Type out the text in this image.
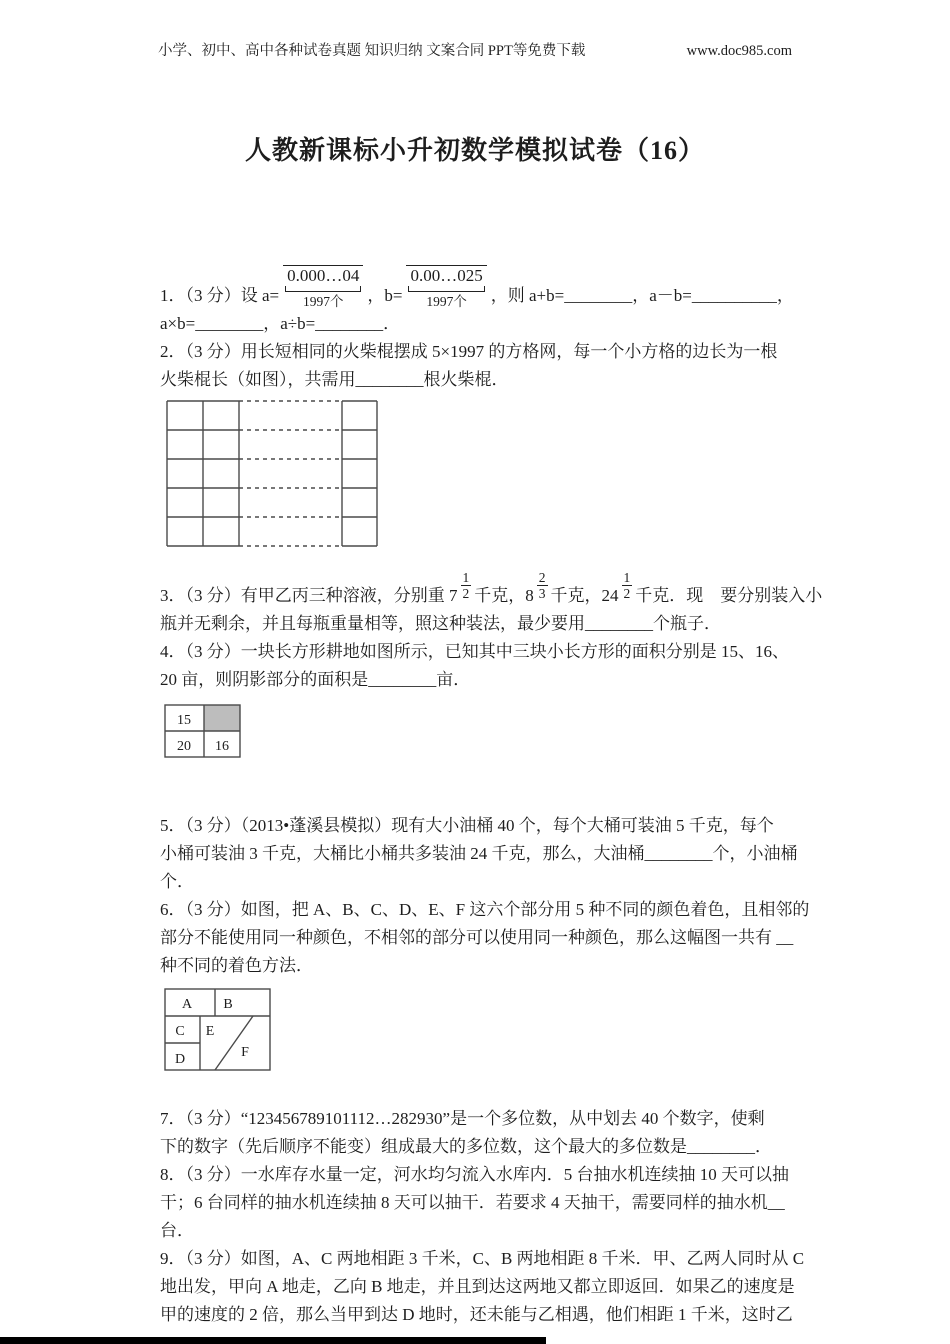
小学、初中、高中各种试卷真题 知识归纳 文案合同 PPT等免费下载	www.doc985.com
人教新课标小升初数学模拟试卷（16）
1．（3 分）设 a=
0.000…04
1997个 ，b=
0.00…025
1997个 ，则 a+b=________，a－b=__________，
a×b=________，a÷b=________．
2．（3 分）用长短相同的火柴棍摆成 5×1997 的方格网，每一个小方格的边长为一根
火柴棍长（如图），共需用________根火柴棍．
3．（3 分）有甲乙丙三种溶液，分别重 $7 \frac{1}{2}$ 千克，$8 \frac{2}{3}$ 千克，$24 \frac{1}{2}$ 千克．现　要分别装入小
瓶并无剩余，并且每瓶重量相等，照这种装法，最少要用________个瓶子．
4．（3 分）一块长方形耕地如图所示，已知其中三块小长方形的面积分别是 15、16、
20 亩，则阴影部分的面积是________亩．
15
20 16
5．（3 分）（2013•蓬溪县模拟）现有大小油桶 40 个，每个大桶可装油 5 千克，每个
小桶可装油 3 千克，大桶比小桶共多装油 24 千克，那么，大油桶________个，小油桶
个．
6．（3 分）如图，把 A、B、C、D、E、F 这六个部分用 5 种不同的颜色着色，且相邻的
部分不能使用同一种颜色，不相邻的部分可以使用同一种颜色，那么这幅图一共有 __
种不同的着色方法．
A B
C
D
E
F
7．（3 分）“123456789101112…282930”是一个多位数，从中划去 40 个数字，使剩
下的数字（先后顺序不能变）组成最大的多位数，这个最大的多位数是________．
8．（3 分）一水库存水量一定，河水均匀流入水库内．5 台抽水机连续抽 10 天可以抽
干；6 台同样的抽水机连续抽 8 天可以抽干．若要求 4 天抽干，需要同样的抽水机__
台．
9．（3 分）如图，A、C 两地相距 3 千米，C、B 两地相距 8 千米．甲、乙两人同时从 C
地出发，甲向 A 地走，乙向 B 地走，并且到达这两地又都立即返回．如果乙的速度是
甲的速度的 2 倍，那么当甲到达 D 地时，还未能与乙相遇，他们相距 1 千米，这时乙
